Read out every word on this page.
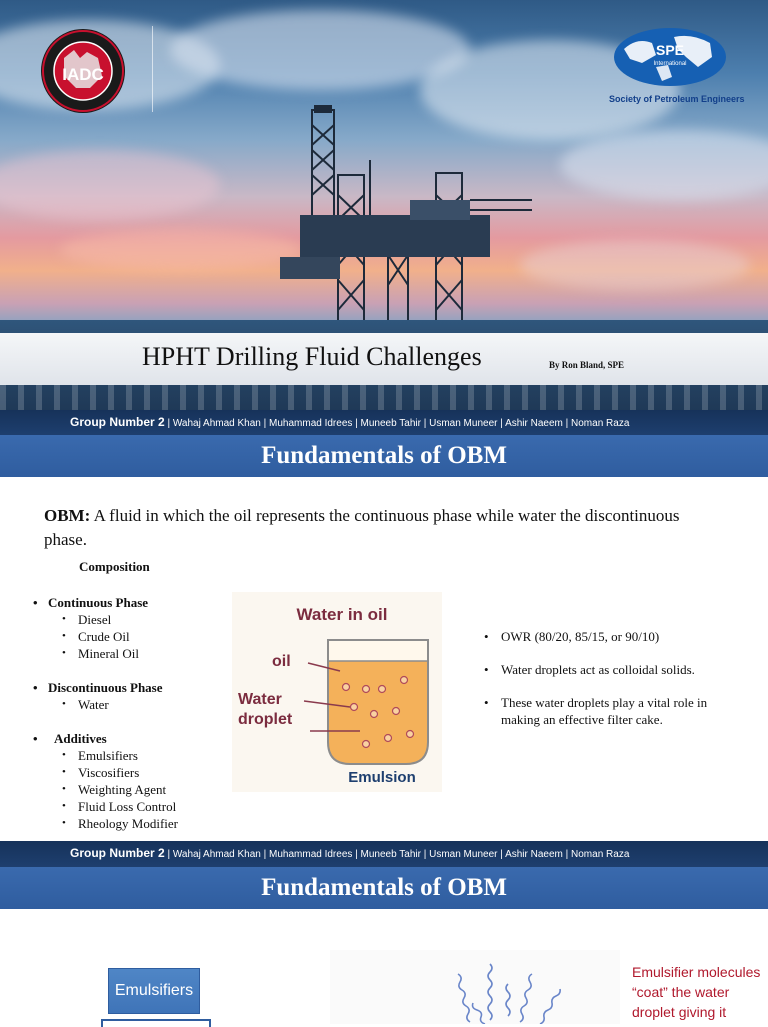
IADC
SPE
International
Society of Petroleum Engineers
HPHT Drilling Fluid Challenges	By Ron Bland, SPE
Group Number 2 | Wahaj Ahmad Khan | Muhammad Idrees | Muneeb Tahir | Usman Muneer | Ashir Naeem | Noman Raza
Fundamentals of OBM
OBM: A fluid in which the oil represents the continuous phase while water the discontinuous phase.
Composition
• Continuous Phase
• Diesel
• Crude Oil
• Mineral Oil
• Discontinuous Phase
• Water
• Additives
• Emulsifiers
• Viscosifiers
• Weighting Agent
• Fluid Loss Control
• Rheology Modifier
Water in oil
oil
Water
droplet
Emulsion
• OWR (80/20, 85/15, or 90/10)
• Water droplets act as colloidal solids.
• These water droplets play a vital role in making an effective filter cake.
Group Number 2 | Wahaj Ahmad Khan | Muhammad Idrees | Muneeb Tahir | Usman Muneer | Ashir Naeem | Noman Raza
Fundamentals of OBM
Emulsifiers
Emulsifier molecules “coat” the water droplet giving it
